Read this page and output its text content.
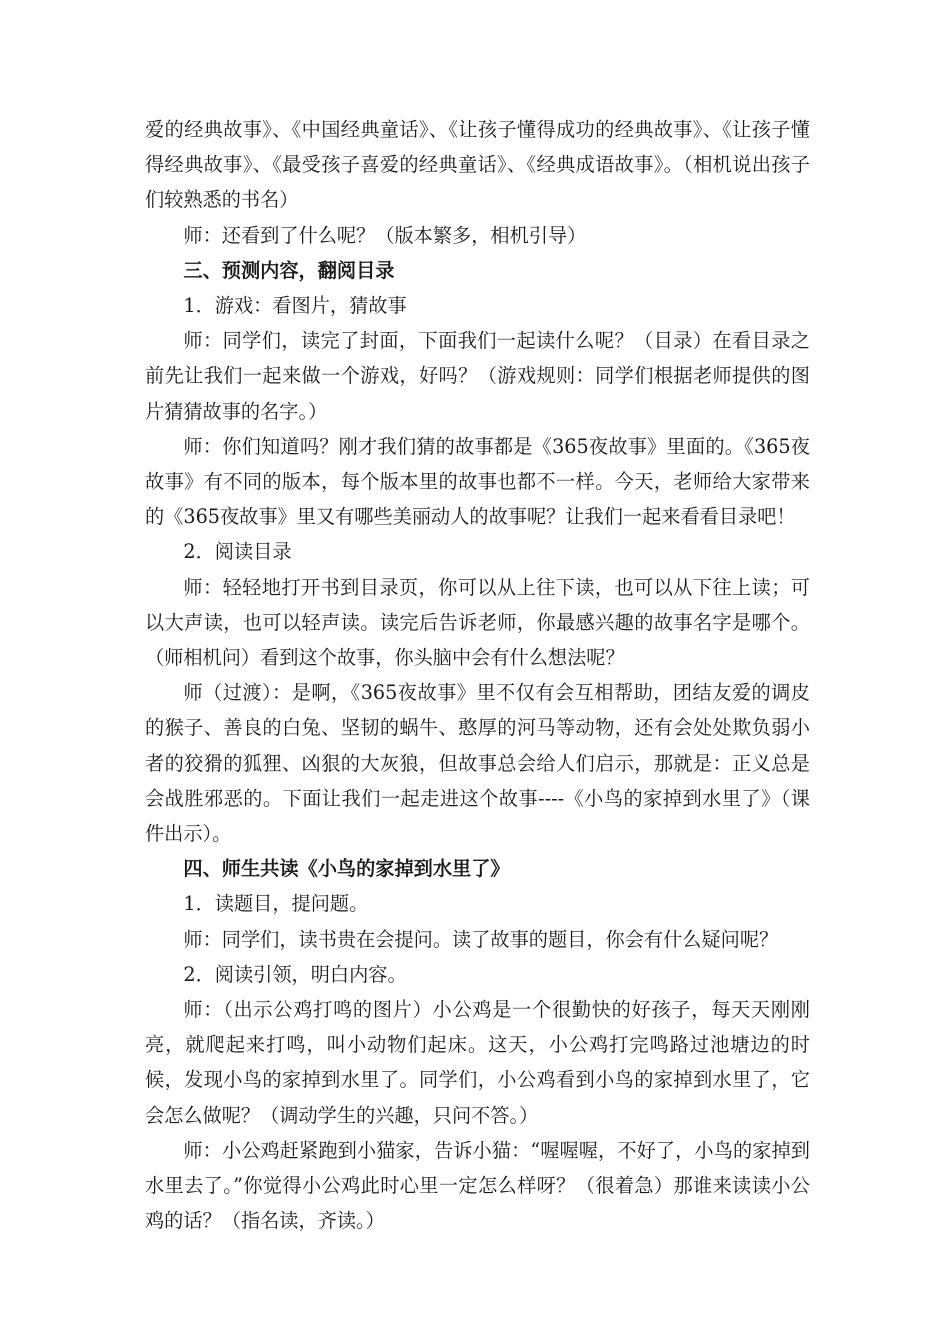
爱的经典故事》、《中国经典童话》、《让孩子懂得成功的经典故事》、《让孩子懂得经典故事》、《最受孩子喜爱的经典童话》、《经典成语故事》。（相机说出孩子们较熟悉的书名）

师：还看到了什么呢？（版本繁多，相机引导）

三、预测内容，翻阅目录

1．游戏：看图片，猜故事

师：同学们，读完了封面，下面我们一起读什么呢？（目录）在看目录之前先让我们一起来做一个游戏，好吗？（游戏规则：同学们根据老师提供的图片猜猜故事的名字。）

师：你们知道吗？刚才我们猜的故事都是《365夜故事》里面的。《365夜故事》有不同的版本，每个版本里的故事也都不一样。今天，老师给大家带来的《365夜故事》里又有哪些美丽动人的故事呢？让我们一起来看看目录吧！

2．阅读目录

师：轻轻地打开书到目录页，你可以从上往下读，也可以从下往上读；可以大声读，也可以轻声读。读完后告诉老师，你最感兴趣的故事名字是哪个。（师相机问）看到这个故事，你头脑中会有什么想法呢？

师（过渡）：是啊，《365夜故事》里不仅有会互相帮助，团结友爱的调皮的猴子、善良的白兔、坚韧的蜗牛、憨厚的河马等动物，还有会处处欺负弱小者的狡猾的狐狸、凶狠的大灰狼，但故事总会给人们启示，那就是：正义总是会战胜邪恶的。下面让我们一起走进这个故事----《小鸟的家掉到水里了》（课件出示）。

四、师生共读《小鸟的家掉到水里了》

1．读题目，提问题。

师：同学们，读书贵在会提问。读了故事的题目，你会有什么疑问呢？

2．阅读引领，明白内容。

师：（出示公鸡打鸣的图片）小公鸡是一个很勤快的好孩子，每天天刚刚亮，就爬起来打鸣，叫小动物们起床。这天，小公鸡打完鸣路过池塘边的时候，发现小鸟的家掉到水里了。同学们，小公鸡看到小鸟的家掉到水里了，它会怎么做呢？（调动学生的兴趣，只问不答。）

师：小公鸡赶紧跑到小猫家，告诉小猫：“喔喔喔，不好了，小鸟的家掉到水里去了。”你觉得小公鸡此时心里一定怎么样呀？（很着急）那谁来读读小公鸡的话？（指名读，齐读。）
